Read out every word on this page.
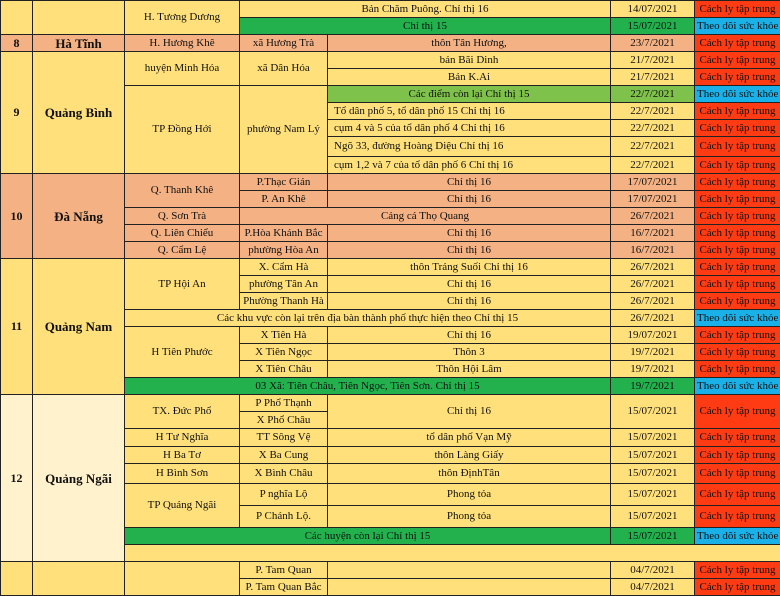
		H. Tương Dương	Bản Chăm Puông. Chỉ thị 16		14/07/2021	Cách ly tập trung
			Chỉ thị 15		15/07/2021	Theo dõi sức khỏe
8	Hà Tĩnh	H. Hương Khê	xã Hương Trà	thôn Tân Hương,	23/7/2021	Cách ly tập trung
9	Quảng Bình	huyện Minh Hóa	xã Dân Hóa	bản Bãi Dinh	21/7/2021	Cách ly tập trung
				Bản K.Ai	21/7/2021	Cách ly tập trung
		TP Đồng Hới	phường Nam Lý	Các điểm còn lại Chỉ thị 15	22/7/2021	Theo dõi sức khỏe
				Tổ dân phố 5, tổ dân phố 15 Chỉ thị 16	22/7/2021	Cách ly tập trung
				cụm 4 và 5 của tổ dân phố 4 Chỉ thị 16	22/7/2021	Cách ly tập trung
				Ngõ 33, đường Hoàng Diệu Chỉ thị 16	22/7/2021	Cách ly tập trung
				cụm 1,2 và 7 của tổ dân phố 6 Chỉ thị 16	22/7/2021	Cách ly tập trung
10	Đà Nẵng	Q. Thanh Khê	P.Thạc Gián	Chỉ thị 16	17/07/2021	Cách ly tập trung
			P. An Khê	Chỉ thị 16	17/07/2021	Cách ly tập trung
		Q. Sơn Trà	Cảng cá Thọ Quang		26/7/2021	Cách ly tập trung
		Q. Liên Chiểu	P.Hòa Khánh Bắc	Chỉ thị 16	16/7/2021	Cách ly tập trung
		Q. Cẩm Lệ	phường Hòa An	Chỉ thị 16	16/7/2021	Cách ly tập trung
11	Quảng Nam	TP Hội An	X. Cẩm Hà	thôn Trảng Suối Chỉ thị 16	26/7/2021	Cách ly tập trung
			phường Tân An	Chỉ thị 16	26/7/2021	Cách ly tập trung
			Phường Thanh Hà	Chỉ thị 16	26/7/2021	Cách ly tập trung
		Các khu vực còn lại trên địa bàn thành phố thực hiện theo Chỉ thị 15			26/7/2021	Theo dõi sức khỏe
		H Tiên Phước	X Tiên Hà	Chỉ thị 16	19/07/2021	Cách ly tập trung
			X Tiên Ngọc	Thôn 3	19/7/2021	Cách ly tập trung
			X Tiên Châu	Thôn Hội Lâm	19/7/2021	Cách ly tập trung
		03 Xã: Tiên Châu, Tiên Ngọc, Tiên Sơn. Chỉ thị 15			19/7/2021	Theo dõi sức khỏe
12	Quảng Ngãi	TX. Đức Phổ	P Phổ Thạnh	Chỉ thị 16	15/07/2021	Cách ly tập trung
			X Phổ Châu			
		H Tư Nghĩa	TT Sông Vệ	tổ dân phố Vạn Mỹ	15/07/2021	Cách ly tập trung
		H Ba Tơ	X Ba Cung	thôn Làng Giấy	15/07/2021	Cách ly tập trung
		H Bình Sơn	X Bình Châu	thôn ĐịnhTân	15/07/2021	Cách ly tập trung
		TP Quảng Ngãi	P nghĩa Lộ	Phong tỏa	15/07/2021	Cách ly tập trung
			P Chánh Lộ.	Phong tỏa	15/07/2021	Cách ly tập trung
		Các huyện còn lại Chỉ thị 15			15/07/2021	Theo dõi sức khỏe

			P. Tam Quan		04/7/2021	Cách ly tập trung
			P. Tam Quan Bắc		04/7/2021	Cách ly tập trung
